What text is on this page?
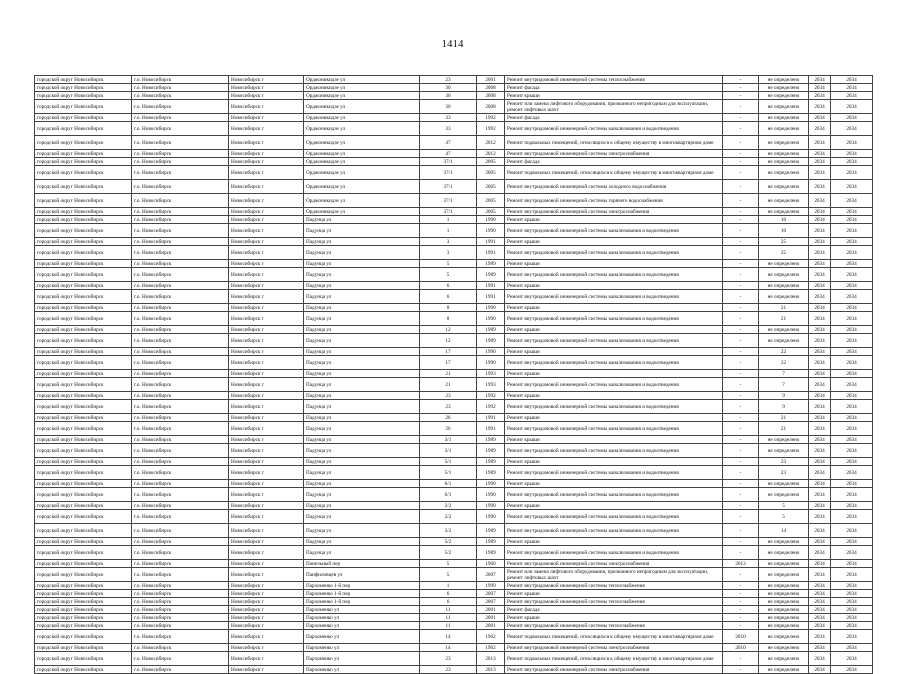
1414
городской округ Новосибирск	г.о. Новосибирск	Новосибирск г	Орджоникидзе ул	23	2001	Ремонт внутридомовой инженерной системы теплоснабжения	-	не определено	2034	2034
городской округ Новосибирск	г.о. Новосибирск	Новосибирск г	Орджоникидзе ул	30	2008	Ремонт фасада	-	не определено	2034	2034
городской округ Новосибирск	г.о. Новосибирск	Новосибирск г	Орджоникидзе ул	30	2008	Ремонт крыши	-	не определено	2034	2034
городской округ Новосибирск	г.о. Новосибирск	Новосибирск г	Орджоникидзе ул	30	2008	Ремонт или замена лифтового оборудования, признанного непригодным для эксплуатации, ремонт лифтовых шахт	-	не определено	2034	2034
городской округ Новосибирск	г.о. Новосибирск	Новосибирск г	Орджоникидзе ул	33	1992	Ремонт фасада	-	не определено	2034	2034
городской округ Новосибирск	г.о. Новосибирск	Новосибирск г	Орджоникидзе ул	33	1992	Ремонт внутридомовой инженерной системы канализования и водоотведения	-	не определено	2034	2034
городской округ Новосибирск	г.о. Новосибирск	Новосибирск г	Орджоникидзе ул	47	2012	Ремонт подвальных помещений, относящихся к общему имуществу в многоквартирном доме	-	не определено	2034	2034
городской округ Новосибирск	г.о. Новосибирск	Новосибирск г	Орджоникидзе ул	47	2012	Ремонт внутридомовой инженерной системы электроснабжения	-	не определено	2034	2034
городской округ Новосибирск	г.о. Новосибирск	Новосибирск г	Орджоникидзе ул	37/1	2005	Ремонт фасада	-	не определено	2034	2034
городской округ Новосибирск	г.о. Новосибирск	Новосибирск г	Орджоникидзе ул	37/1	2005	Ремонт подвальных помещений, относящихся к общему имуществу в многоквартирном доме	-	не определено	2034	2034
городской округ Новосибирск	г.о. Новосибирск	Новосибирск г	Орджоникидзе ул	37/1	2005	Ремонт внутридомовой инженерной системы холодного водоснабжения	-	не определено	2034	2034
городской округ Новосибирск	г.о. Новосибирск	Новосибирск г	Орджоникидзе ул	37/1	2005	Ремонт внутридомовой инженерной системы горячего водоснабжения	-	не определено	2034	2034
городской округ Новосибирск	г.о. Новосибирск	Новосибирск г	Орджоникидзе ул	37/1	2005	Ремонт внутридомовой инженерной системы электроснабжения	-	не определено	2034	2034
городской округ Новосибирск	г.о. Новосибирск	Новосибирск г	Падунца ул	1	1990	Ремонт крыши	-	10	2034	2034
городской округ Новосибирск	г.о. Новосибирск	Новосибирск г	Падунца ул	1	1990	Ремонт внутридомовой инженерной системы канализования и водоотведения	-	10	2034	2034
городской округ Новосибирск	г.о. Новосибирск	Новосибирск г	Падунца ул	3	1991	Ремонт крыши	-	25	2034	2034
городской округ Новосибирск	г.о. Новосибирск	Новосибирск г	Падунца ул	3	1991	Ремонт внутридомовой инженерной системы канализования и водоотведения	-	25	2034	2034
городской округ Новосибирск	г.о. Новосибирск	Новосибирск г	Падунца ул	5	1989	Ремонт крыши	-	не определено	2034	2034
городской округ Новосибирск	г.о. Новосибирск	Новосибирск г	Падунца ул	5	1989	Ремонт внутридомовой инженерной системы канализования и водоотведения	-	не определено	2034	2034
городской округ Новосибирск	г.о. Новосибирск	Новосибирск г	Падунца ул	6	1991	Ремонт крыши	-	не определено	2034	2034
городской округ Новосибирск	г.о. Новосибирск	Новосибирск г	Падунца ул	6	1991	Ремонт внутридомовой инженерной системы канализования и водоотведения	-	не определено	2034	2034
городской округ Новосибирск	г.о. Новосибирск	Новосибирск г	Падунца ул	8	1990	Ремонт крыши	-	21	2034	2034
городской округ Новосибирск	г.о. Новосибирск	Новосибирск г	Падунца ул	8	1990	Ремонт внутридомовой инженерной системы канализования и водоотведения	-	21	2034	2034
городской округ Новосибирск	г.о. Новосибирск	Новосибирск г	Падунца ул	12	1989	Ремонт крыши	-	не определено	2034	2034
городской округ Новосибирск	г.о. Новосибирск	Новосибирск г	Падунца ул	12	1989	Ремонт внутридомовой инженерной системы канализования и водоотведения	-	не определено	2034	2034
городской округ Новосибирск	г.о. Новосибирск	Новосибирск г	Падунца ул	17	1990	Ремонт крыши	-	22	2034	2034
городской округ Новосибирск	г.о. Новосибирск	Новосибирск г	Падунца ул	17	1990	Ремонт внутридомовой инженерной системы канализования и водоотведения	-	22	2034	2034
городской округ Новосибирск	г.о. Новосибирск	Новосибирск г	Падунца ул	21	1993	Ремонт крыши	-	7	2034	2034
городской округ Новосибирск	г.о. Новосибирск	Новосибирск г	Падунца ул	21	1993	Ремонт внутридомовой инженерной системы канализования и водоотведения	-	7	2034	2034
городской округ Новосибирск	г.о. Новосибирск	Новосибирск г	Падунца ул	23	1992	Ремонт крыши	-	9	2034	2034
городской округ Новосибирск	г.о. Новосибирск	Новосибирск г	Падунца ул	23	1992	Ремонт внутридомовой инженерной системы канализования и водоотведения	-	9	2034	2034
городской округ Новосибирск	г.о. Новосибирск	Новосибирск г	Падунца ул	26	1991	Ремонт крыши	-	21	2034	2034
городской округ Новосибирск	г.о. Новосибирск	Новосибирск г	Падунца ул	26	1991	Ремонт внутридомовой инженерной системы канализования и водоотведения	-	21	2034	2034
городской округ Новосибирск	г.о. Новосибирск	Новосибирск г	Падунца ул	3/1	1989	Ремонт крыши	-	не определено	2034	2034
городской округ Новосибирск	г.о. Новосибирск	Новосибирск г	Падунца ул	3/1	1989	Ремонт внутридомовой инженерной системы канализования и водоотведения	-	не определено	2034	2034
городской округ Новосибирск	г.о. Новосибирск	Новосибирск г	Падунца ул	5/1	1989	Ремонт крыши	-	23	2034	2034
городской округ Новосибирск	г.о. Новосибирск	Новосибирск г	Падунца ул	5/1	1989	Ремонт внутридомовой инженерной системы канализования и водоотведения	-	23	2034	2034
городской округ Новосибирск	г.о. Новосибирск	Новосибирск г	Падунца ул	6/1	1990	Ремонт крыши	-	не определено	2034	2034
городской округ Новосибирск	г.о. Новосибирск	Новосибирск г	Падунца ул	6/1	1990	Ремонт внутридомовой инженерной системы канализования и водоотведения	-	не определено	2034	2034
городской округ Новосибирск	г.о. Новосибирск	Новосибирск г	Падунца ул	2/2	1990	Ремонт крыши	-	5	2034	2034
городской округ Новосибирск	г.о. Новосибирск	Новосибирск г	Падунца ул	2/2	1990	Ремонт внутридомовой инженерной системы канализования и водоотведения	-	5	2034	2034
городской округ Новосибирск	г.о. Новосибирск	Новосибирск г	Падунца ул	3/2	1989	Ремонт внутридомовой инженерной системы канализования и водоотведения	-	14	2034	2034
городской округ Новосибирск	г.о. Новосибирск	Новосибирск г	Падунца ул	5/2	1989	Ремонт крыши	-	не определено	2034	2034
городской округ Новосибирск	г.о. Новосибирск	Новосибирск г	Падунца ул	5/2	1989	Ремонт внутридомовой инженерной системы канализования и водоотведения	-	не определено	2034	2034
городской округ Новосибирск	г.о. Новосибирск	Новосибирск г	Панельный пер	5	1960	Ремонт внутридомовой инженерной системы электроснабжения	2013	не определено	2034	2034
городской округ Новосибирск	г.о. Новосибирск	Новосибирск г	Панфиловцев ул	5	2007	Ремонт или замена лифтового оборудования, признанного непригодным для эксплуатации, ремонт лифтовых шахт	-	не определено	2034	2034
городской округ Новосибирск	г.о. Новосибирск	Новосибирск г	Пархоменко 1-й пер	1	1999	Ремонт внутридомовой инженерной системы теплоснабжения	-	не определено	2034	2034
городской округ Новосибирск	г.о. Новосибирск	Новосибирск г	Пархоменко 1-й пер	6	2007	Ремонт крыши	-	не определено	2034	2034
городской округ Новосибирск	г.о. Новосибирск	Новосибирск г	Пархоменко 1-й пер	6	2007	Ремонт внутридомовой инженерной системы теплоснабжения	-	не определено	2034	2034
городской округ Новосибирск	г.о. Новосибирск	Новосибирск г	Пархоменко ул	11	2001	Ремонт фасада	-	не определено	2034	2034
городской округ Новосибирск	г.о. Новосибирск	Новосибирск г	Пархоменко ул	11	2001	Ремонт крыши	-	не определено	2034	2034
городской округ Новосибирск	г.о. Новосибирск	Новосибирск г	Пархоменко ул	11	2001	Ремонт внутридомовой инженерной системы теплоснабжения	-	не определено	2034	2034
городской округ Новосибирск	г.о. Новосибирск	Новосибирск г	Пархоменко ул	14	1962	Ремонт подвальных помещений, относящихся к общему имуществу в многоквартирном доме	2010	не определено	2034	2034
городской округ Новосибирск	г.о. Новосибирск	Новосибирск г	Пархоменко ул	14	1962	Ремонт внутридомовой инженерной системы электроснабжения	2010	не определено	2034	2034
городской округ Новосибирск	г.о. Новосибирск	Новосибирск г	Пархоменко ул	23	2013	Ремонт подвальных помещений, относящихся к общему имуществу в многоквартирном доме	-	не определено	2034	2034
городской округ Новосибирск	г.о. Новосибирск	Новосибирск г	Пархоменко ул	23	2013	Ремонт внутридомовой инженерной системы электроснабжения	-	не определено	2034	2034
